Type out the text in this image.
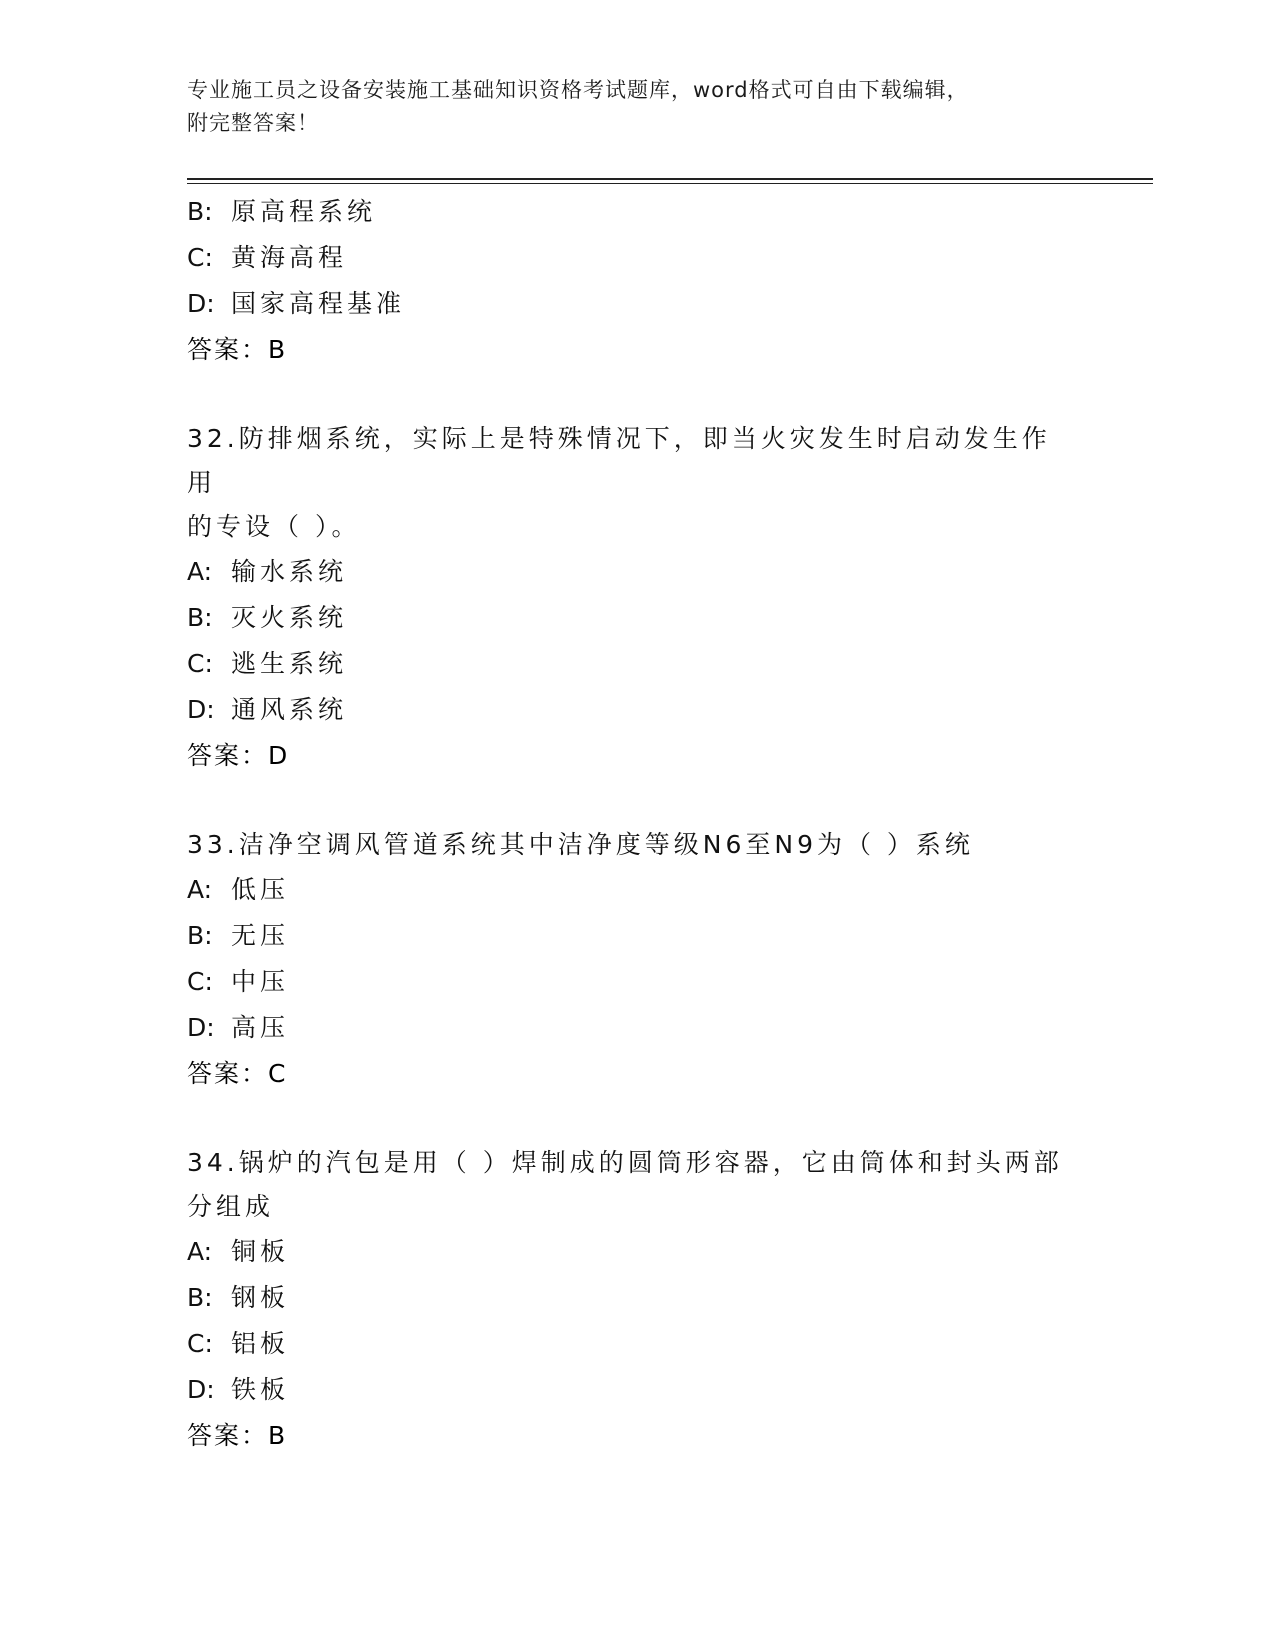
专业施工员之设备安装施工基础知识资格考试题库，word格式可自由下载编辑，
附完整答案！
B: 原高程系统
C: 黄海高程
D: 国家高程基准
答案：B
32.防排烟系统，实际上是特殊情况下，即当火灾发生时启动发生作用
的专设（ ）。
A: 输水系统
B: 灭火系统
C: 逃生系统
D: 通风系统
答案：D
33.洁净空调风管道系统其中洁净度等级N6至N9为（ ）系统
A: 低压
B: 无压
C: 中压
D: 高压
答案：C
34.锅炉的汽包是用（ ）焊制成的圆筒形容器，它由筒体和封头两部
分组成
A: 铜板
B: 钢板
C: 铝板
D: 铁板
答案：B
